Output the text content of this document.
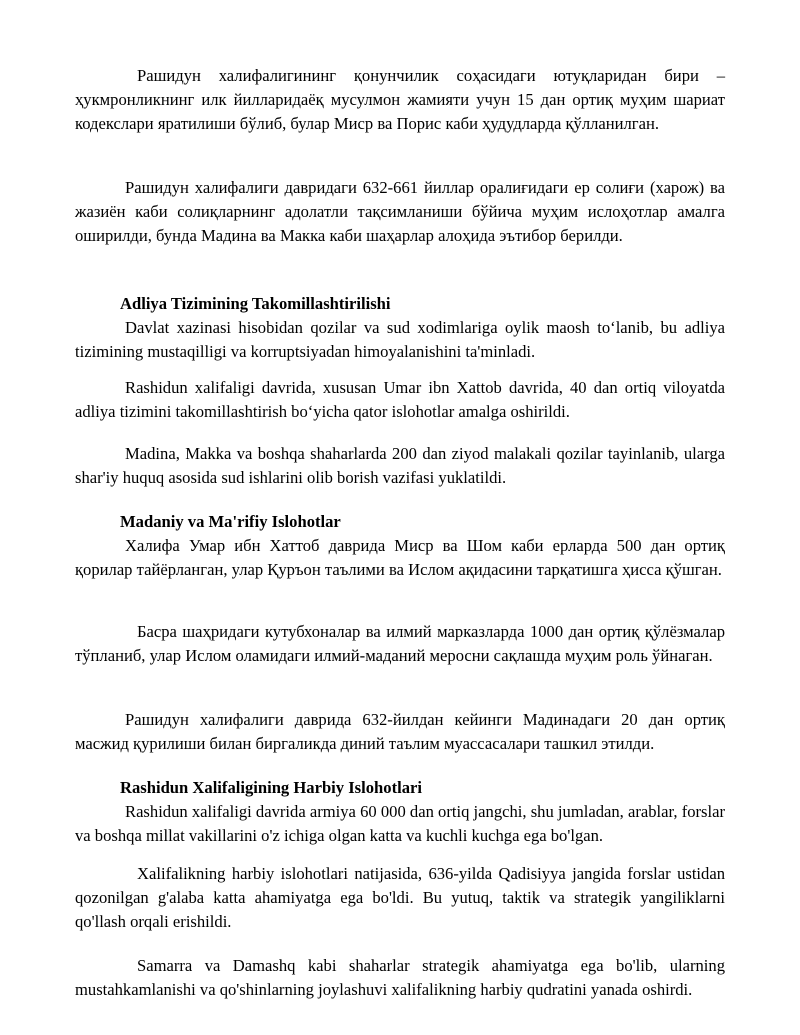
Рашидун халифалигининг қонунчилик соҳасидаги ютуқларидан бири – ҳукмронликнинг илк йилларидаёқ мусулмон жамияти учун 15 дан ортиқ муҳим шариат кодекслари яратилиши бўлиб, булар Миср ва Порис каби ҳудудларда қўлланилган.

Рашидун халифалиги давридаги 632-661 йиллар оралиғидаги ер солиғи (харож) ва жазиён каби солиқларнинг адолатли тақсимланиши бўйича муҳим ислоҳотлар амалга оширилди, бунда Мадина ва Макка каби шаҳарлар алоҳида эътибор берилди.

Adliya Tizimining Takomillashtirilishi

Davlat xazinasi hisobidan qozilar va sud xodimlariga oylik maosh to‘lanib, bu adliya tizimining mustaqilligi va korruptsiyadan himoyalanishini ta'minladi.

Rashidun xalifaligi davrida, xususan Umar ibn Xattob davrida, 40 dan ortiq viloyatda adliya tizimini takomillashtirish bo‘yicha qator islohotlar amalga oshirildi.

Madina, Makka va boshqa shaharlarda 200 dan ziyod malakali qozilar tayinlanib, ularga shar'iy huquq asosida sud ishlarini olib borish vazifasi yuklatildi.

Madaniy va Ma'rifiy Islohotlar

Халифа Умар ибн Хаттоб даврида Миср ва Шом каби ерларда 500 дан ортиқ қорилар тайёрланган, улар Қуръон таълими ва Ислом ақидасини тарқатишга ҳисса қўшган.

Басра шаҳридаги кутубхоналар ва илмий марказларда 1000 дан ортиқ қўлёзмалар тўпланиб, улар Ислом оламидаги илмий-маданий меросни сақлашда муҳим роль ўйнаган.

Рашидун халифалиги даврида 632-йилдан кейинги Мадинадаги 20 дан ортиқ масжид қурилиши билан биргаликда диний таълим муассасалари ташкил этилди.

Rashidun Xalifaligining Harbiy Islohotlari

Rashidun xalifaligi davrida armiya 60 000 dan ortiq jangchi, shu jumladan, arablar, forslar va boshqa millat vakillarini o'z ichiga olgan katta va kuchli kuchga ega bo'lgan.

Xalifalikning harbiy islohotlari natijasida, 636-yilda Qadisiyya jangida forslar ustidan qozonilgan g'alaba katta ahamiyatga ega bo'ldi. Bu yutuq, taktik va strategik yangiliklarni qo'llash orqali erishildi.

Samarra va Damashq kabi shaharlar strategik ahamiyatga ega bo'lib, ularning mustahkamlanishi va qo'shinlarning joylashuvi xalifalikning harbiy qudratini yanada oshirdi.
